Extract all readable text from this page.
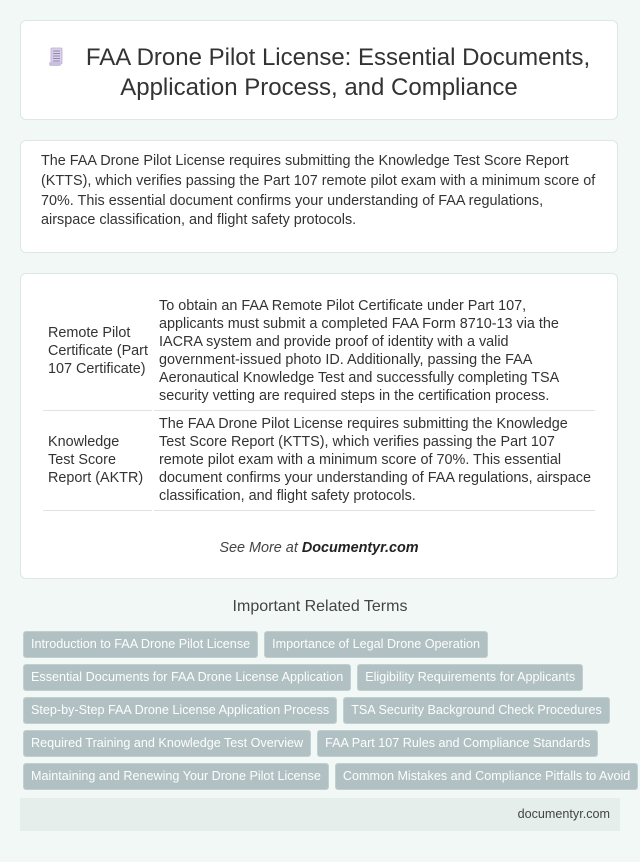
FAA Drone Pilot License: Essential Documents, Application Process, and Compliance
The FAA Drone Pilot License requires submitting the Knowledge Test Score Report (KTTS), which verifies passing the Part 107 remote pilot exam with a minimum score of 70%. This essential document confirms your understanding of FAA regulations, airspace classification, and flight safety protocols.
Remote Pilot Certificate (Part 107 Certificate)	To obtain an FAA Remote Pilot Certificate under Part 107, applicants must submit a completed FAA Form 8710-13 via the IACRA system and provide proof of identity with a valid government-issued photo ID. Additionally, passing the FAA Aeronautical Knowledge Test and successfully completing TSA security vetting are required steps in the certification process.
Knowledge Test Score Report (AKTR)	The FAA Drone Pilot License requires submitting the Knowledge Test Score Report (KTTS), which verifies passing the Part 107 remote pilot exam with a minimum score of 70%. This essential document confirms your understanding of FAA regulations, airspace classification, and flight safety protocols.
See More at Documentyr.com
Important Related Terms
Introduction to FAA Drone Pilot License	Importance of Legal Drone Operation
Essential Documents for FAA Drone License Application	Eligibility Requirements for Applicants
Step-by-Step FAA Drone License Application Process	TSA Security Background Check Procedures
Required Training and Knowledge Test Overview	FAA Part 107 Rules and Compliance Standards
Maintaining and Renewing Your Drone Pilot License	Common Mistakes and Compliance Pitfalls to Avoid
documentyr.com
